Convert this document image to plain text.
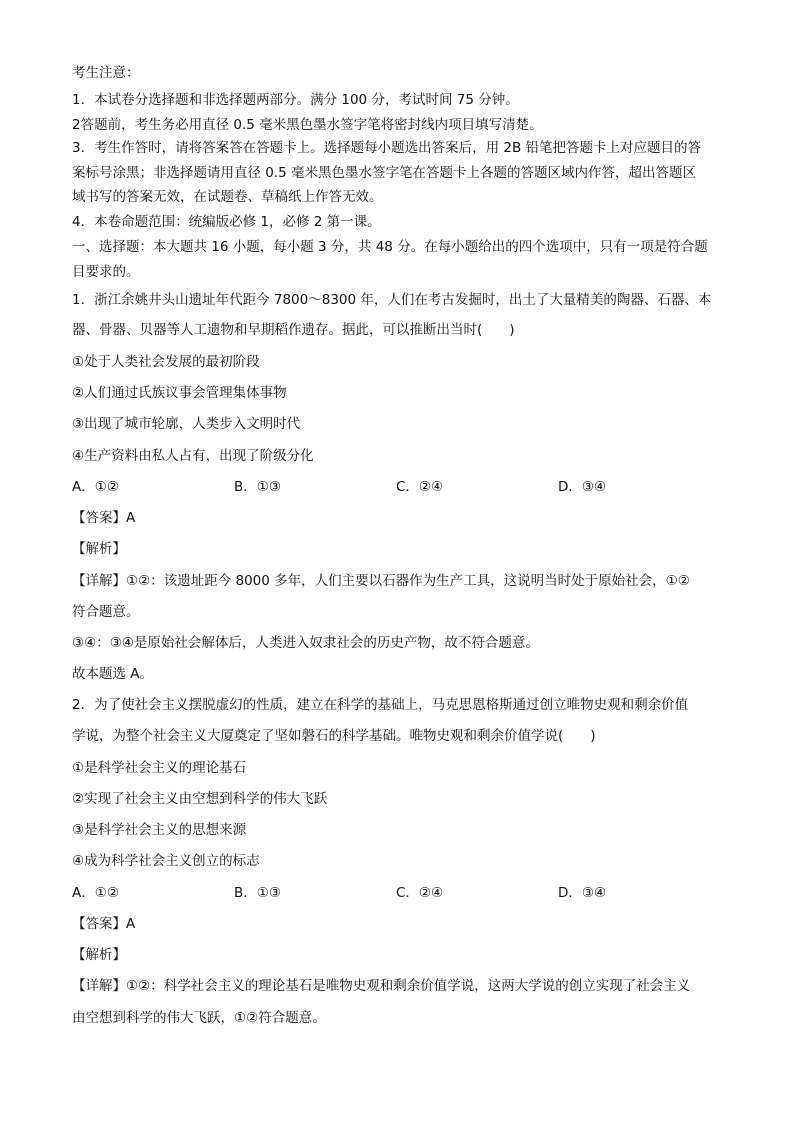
考生注意：
1．本试卷分选择题和非选择题两部分。满分 100 分，考试时间 75 分钟。
2答题前，考生务必用直径 0.5 毫米黑色墨水签字笔将密封线内项目填写清楚。
3．考生作答时，请将答案答在答题卡上。选择题每小题选出答案后，用 2B 铅笔把答题卡上对应题目的答
案标号涂黑；非选择题请用直径 0.5 毫米黑色墨水签字笔在答题卡上各题的答题区域内作答，超出答题区
域书写的答案无效，在试题卷、草稿纸上作答无效。
4．本卷命题范围：统编版必修 1，必修 2 第一课。
一、选择题：本大题共 16 小题，每小题 3 分，共 48 分。在每小题给出的四个选项中，只有一项是符合题
目要求的。
1．浙江余姚井头山遗址年代距今 7800～8300 年，人们在考古发掘时，出土了大量精美的陶器、石器、本
器、骨器、贝器等人工遗物和早期稻作遗存。据此，可以推断出当时(　　)
①处于人类社会发展的最初阶段
②人们通过氏族议事会管理集体事物
③出现了城市轮廓，人类步入文明时代
④生产资料由私人占有，出现了阶级分化
A．①②	B．①③	C．②④	D．③④
【答案】A
【解析】
【详解】①②：该遗址距今 8000 多年，人们主要以石器作为生产工具，这说明当时处于原始社会，①②
符合题意。
③④：③④是原始社会解体后，人类进入奴隶社会的历史产物，故不符合题意。
故本题选 A。
2．为了使社会主义摆脱虚幻的性质，建立在科学的基础上，马克思恩格斯通过创立唯物史观和剩余价值
学说，为整个社会主义大厦奠定了坚如磐石的科学基础。唯物史观和剩余价值学说(　　)
①是科学社会主义的理论基石
②实现了社会主义由空想到科学的伟大飞跃
③是科学社会主义的思想来源
④成为科学社会主义创立的标志
A．①②	B．①③	C．②④	D．③④
【答案】A
【解析】
【详解】①②：科学社会主义的理论基石是唯物史观和剩余价值学说，这两大学说的创立实现了社会主义
由空想到科学的伟大飞跃，①②符合题意。
